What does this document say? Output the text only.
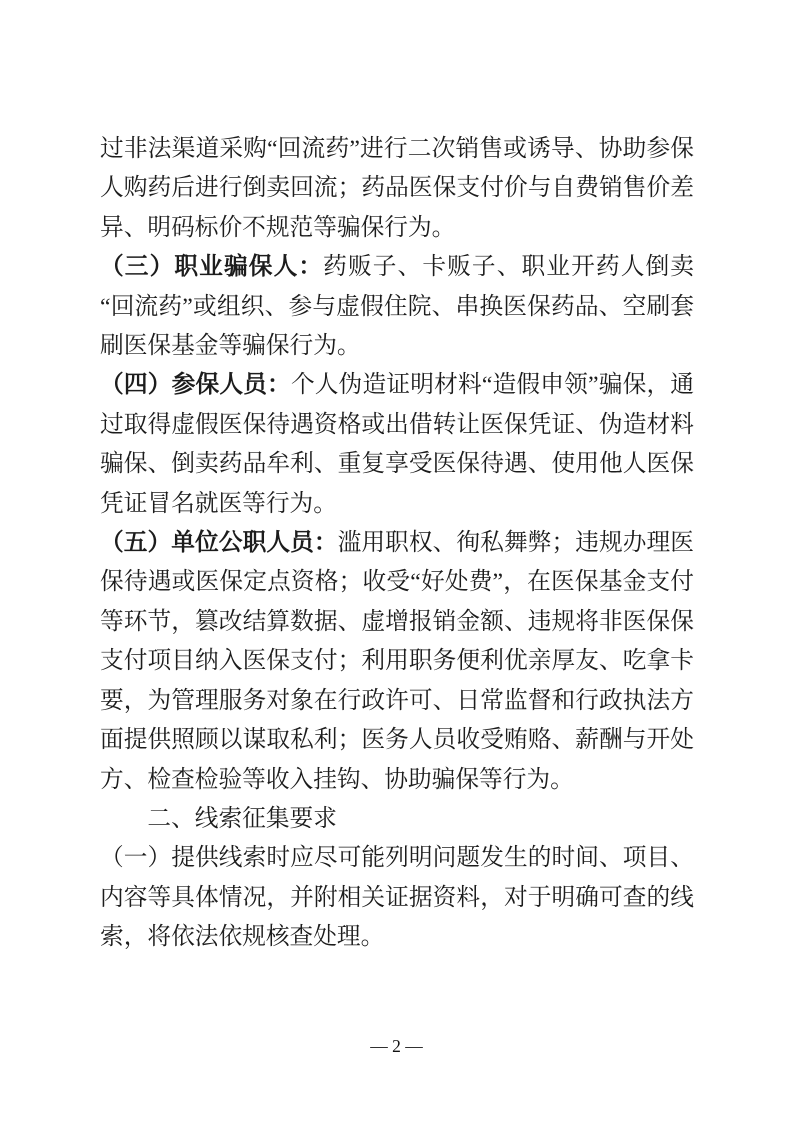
过非法渠道采购“回流药”进行二次销售或诱导、协助参保人购药后进行倒卖回流；药品医保支付价与自费销售价差异、明码标价不规范等骗保行为。

（三）职业骗保人：药贩子、卡贩子、职业开药人倒卖“回流药”或组织、参与虚假住院、串换医保药品、空刷套刷医保基金等骗保行为。

（四）参保人员：个人伪造证明材料“造假申领”骗保，通过取得虚假医保待遇资格或出借转让医保凭证、伪造材料骗保、倒卖药品牟利、重复享受医保待遇、使用他人医保凭证冒名就医等行为。

（五）单位公职人员：滥用职权、徇私舞弊；违规办理医保待遇或医保定点资格；收受“好处费”，在医保基金支付等环节，篡改结算数据、虚增报销金额、违规将非医保保支付项目纳入医保支付；利用职务便利优亲厚友、吃拿卡要，为管理服务对象在行政许可、日常监督和行政执法方面提供照顾以谋取私利；医务人员收受贿赂、薪酬与开处方、检查检验等收入挂钩、协助骗保等行为。

二、线索征集要求

（一）提供线索时应尽可能列明问题发生的时间、项目、内容等具体情况，并附相关证据资料，对于明确可查的线索，将依法依规核查处理。

— 2 —
